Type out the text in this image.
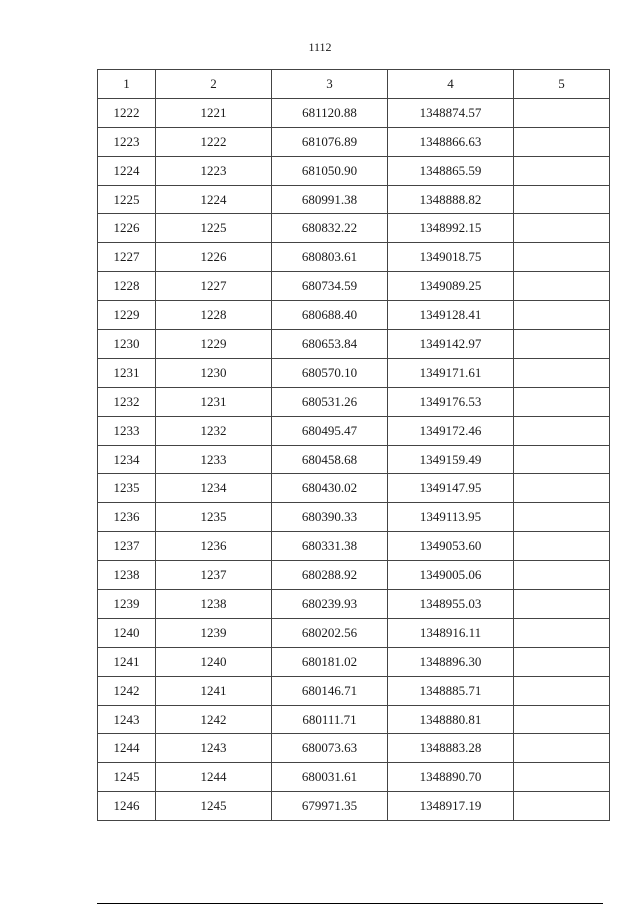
1112
1	2	3	4	5
1222	1221	681120.88	1348874.57	
1223	1222	681076.89	1348866.63	
1224	1223	681050.90	1348865.59	
1225	1224	680991.38	1348888.82	
1226	1225	680832.22	1348992.15	
1227	1226	680803.61	1349018.75	
1228	1227	680734.59	1349089.25	
1229	1228	680688.40	1349128.41	
1230	1229	680653.84	1349142.97	
1231	1230	680570.10	1349171.61	
1232	1231	680531.26	1349176.53	
1233	1232	680495.47	1349172.46	
1234	1233	680458.68	1349159.49	
1235	1234	680430.02	1349147.95	
1236	1235	680390.33	1349113.95	
1237	1236	680331.38	1349053.60	
1238	1237	680288.92	1349005.06	
1239	1238	680239.93	1348955.03	
1240	1239	680202.56	1348916.11	
1241	1240	680181.02	1348896.30	
1242	1241	680146.71	1348885.71	
1243	1242	680111.71	1348880.81	
1244	1243	680073.63	1348883.28	
1245	1244	680031.61	1348890.70	
1246	1245	679971.35	1348917.19	
